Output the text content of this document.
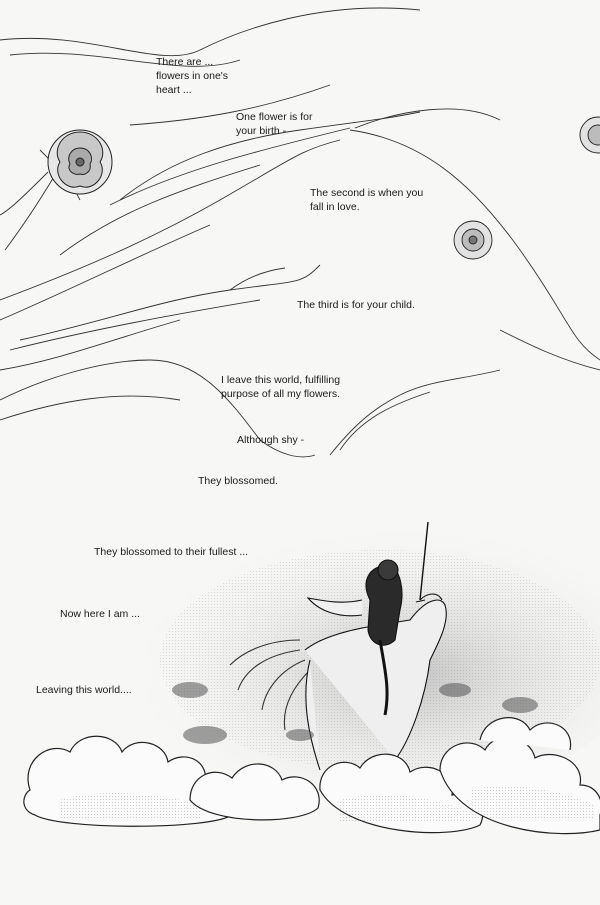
There are ...
flowers in one's
heart ...
One flower is for
your birth -
The second is when you
fall in love.
The third is for your child.
I leave this world, fulfilling
purpose of all my flowers.
Although shy -
They blossomed.
They blossomed to their fullest ...
Now here I am ...
Leaving this world....
